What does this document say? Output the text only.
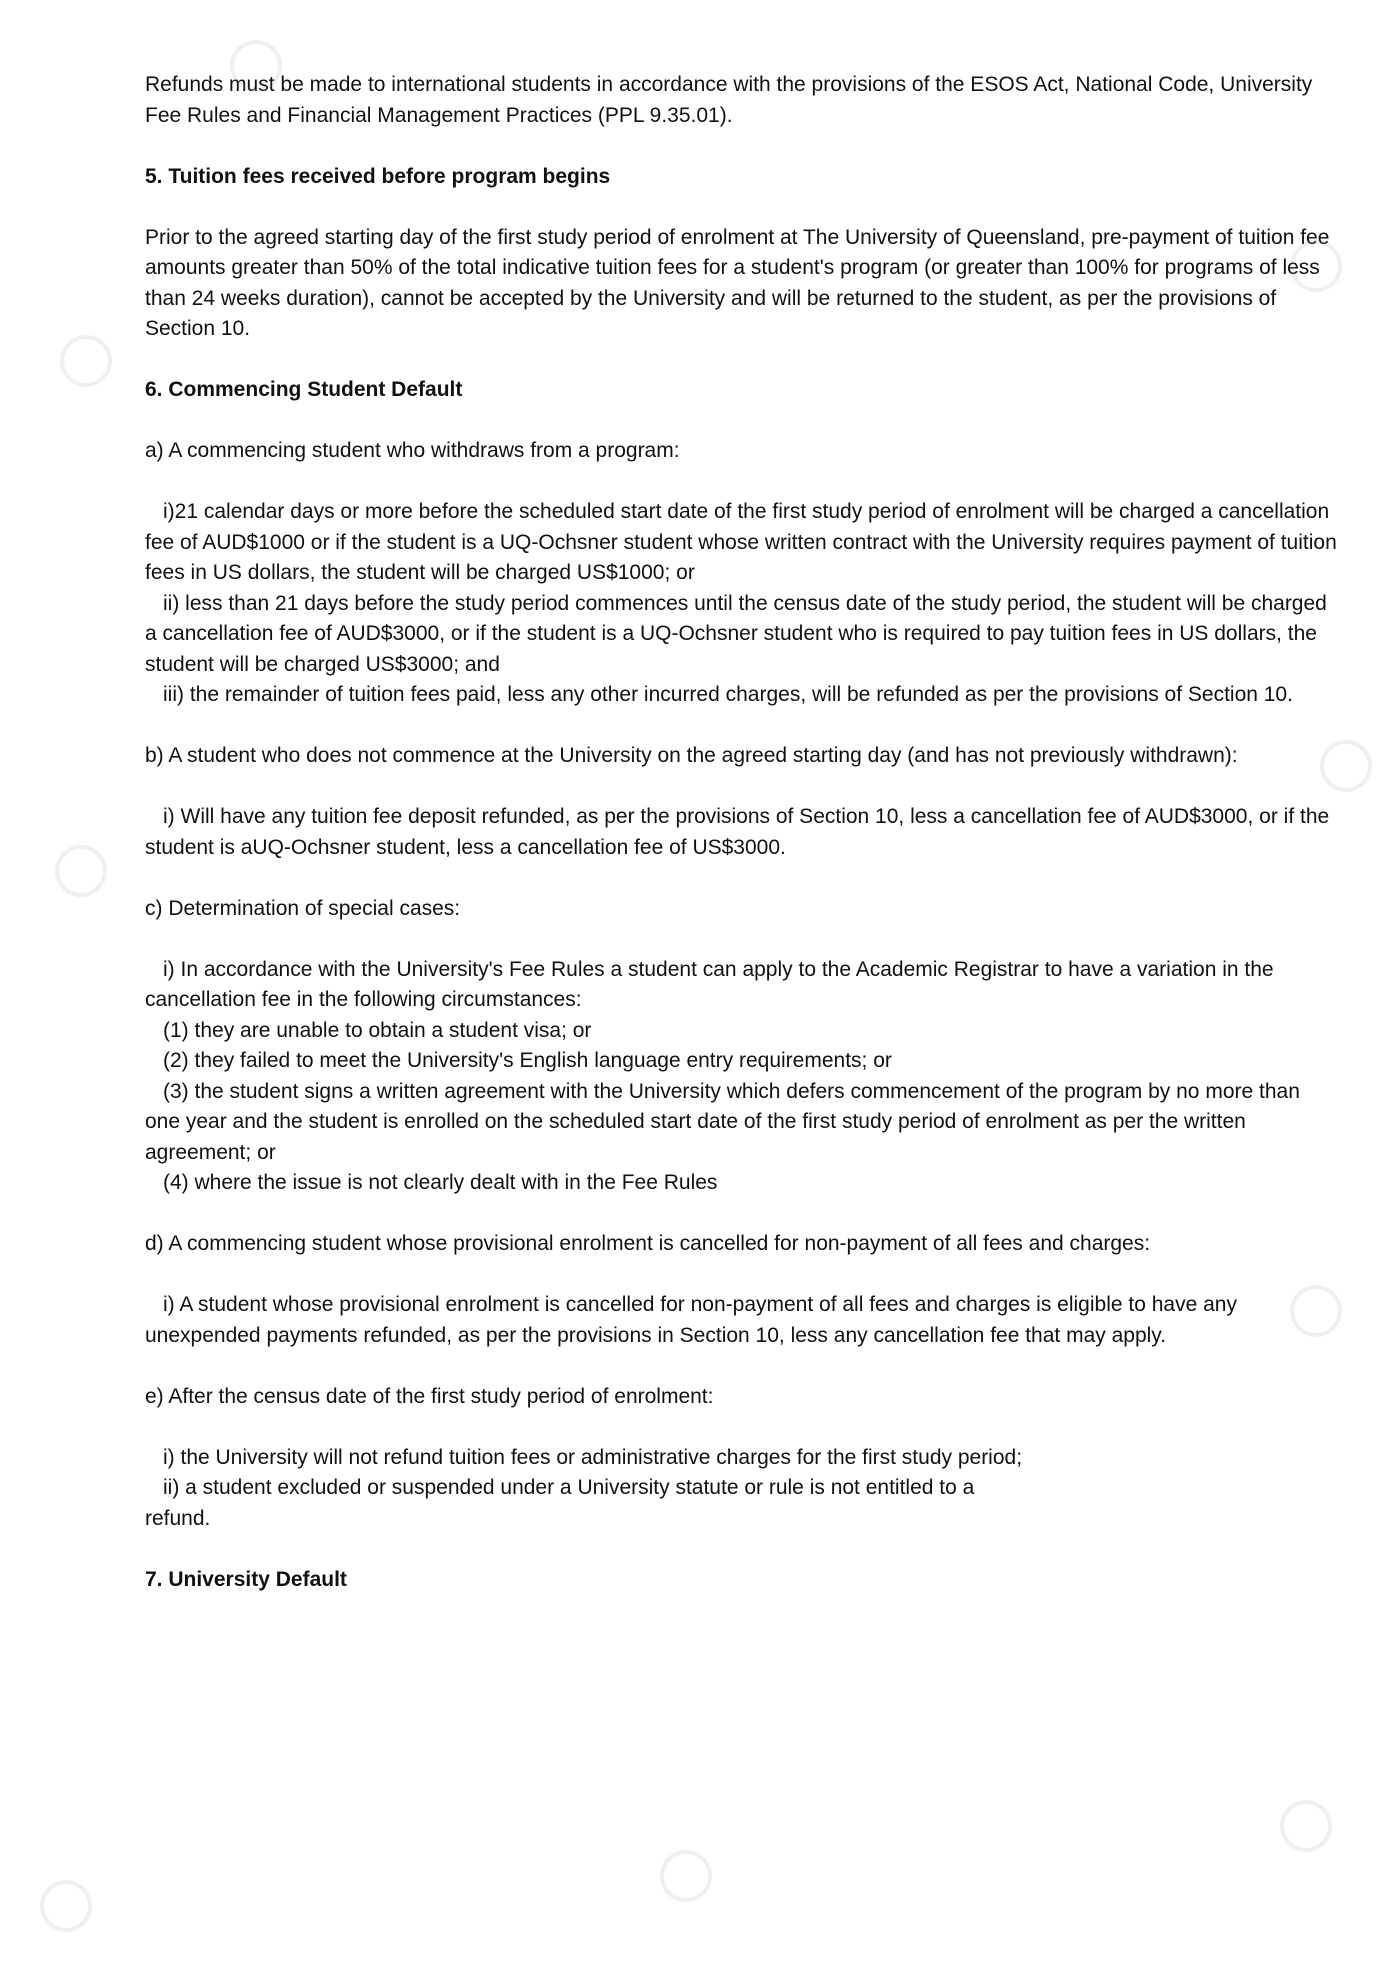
Refunds must be made to international students in accordance with the provisions of the ESOS Act, National Code, University Fee Rules and Financial Management Practices (PPL 9.35.01).

5. Tuition fees received before program begins

Prior to the agreed starting day of the first study period of enrolment at The University of Queensland, pre-payment of tuition fee amounts greater than 50% of the total indicative tuition fees for a student's program (or greater than 100% for programs of less than 24 weeks duration), cannot be accepted by the University and will be returned to the student, as per the provisions of Section 10.

6. Commencing Student Default

a) A commencing student who withdraws from a program:

i)21 calendar days or more before the scheduled start date of the first study period of enrolment will be charged a cancellation fee of AUD$1000 or if the student is a UQ-Ochsner student whose written contract with the University requires payment of tuition fees in US dollars, the student will be charged US$1000; or

ii) less than 21 days before the study period commences until the census date of the study period, the student will be charged a cancellation fee of AUD$3000, or if the student is a UQ-Ochsner student who is required to pay tuition fees in US dollars, the student will be charged US$3000; and

iii) the remainder of tuition fees paid, less any other incurred charges, will be refunded as per the provisions of Section 10.

b) A student who does not commence at the University on the agreed starting day (and has not previously withdrawn):

i) Will have any tuition fee deposit refunded, as per the provisions of Section 10, less a cancellation fee of AUD$3000, or if the student is aUQ-Ochsner student, less a cancellation fee of US$3000.

c) Determination of special cases:

i) In accordance with the University's Fee Rules a student can apply to the Academic Registrar to have a variation in the cancellation fee in the following circumstances:

(1) they are unable to obtain a student visa; or

(2) they failed to meet the University's English language entry requirements; or

(3) the student signs a written agreement with the University which defers commencement of the program by no more than one year and the student is enrolled on the scheduled start date of the first study period of enrolment as per the written agreement; or

(4) where the issue is not clearly dealt with in the Fee Rules

d) A commencing student whose provisional enrolment is cancelled for non-payment of all fees and charges:

i) A student whose provisional enrolment is cancelled for non-payment of all fees and charges is eligible to have any unexpended payments refunded, as per the provisions in Section 10, less any cancellation fee that may apply.

e) After the census date of the first study period of enrolment:

i) the University will not refund tuition fees or administrative charges for the first study period;

ii) a student excluded or suspended under a University statute or rule is not entitled to a

refund.

7. University Default
